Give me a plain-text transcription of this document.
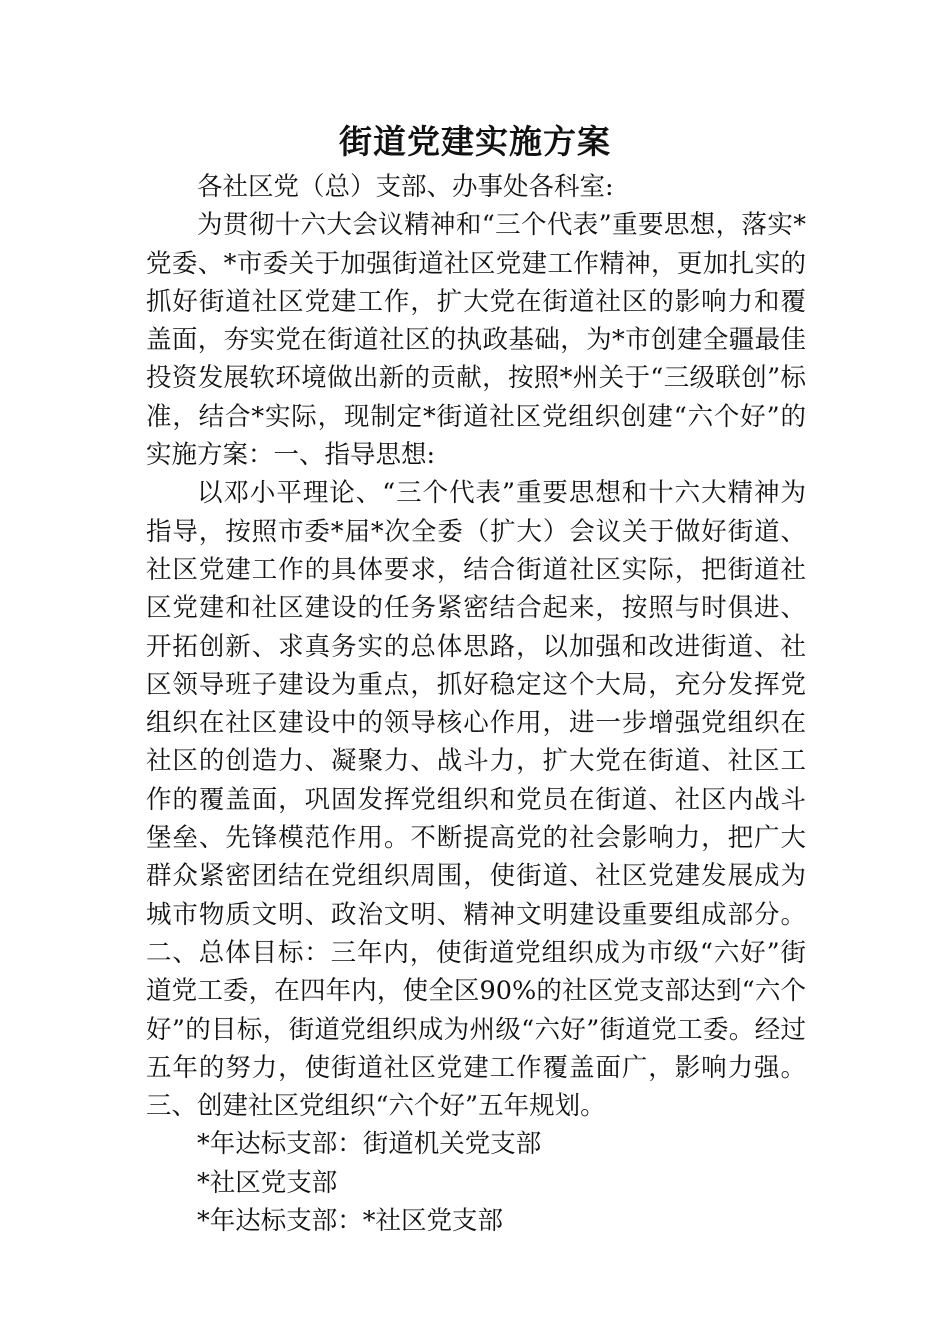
街道党建实施方案

各社区党（总）支部、办事处各科室:

为贯彻十六大会议精神和“三个代表”重要思想，落实*党委、*市委关于加强街道社区党建工作精神，更加扎实的抓好街道社区党建工作，扩大党在街道社区的影响力和覆盖面，夯实党在街道社区的执政基础，为*市创建全疆最佳投资发展软环境做出新的贡献，按照*州关于“三级联创”标准，结合*实际，现制定*街道社区党组织创建“六个好”的实施方案：一、指导思想:

以邓小平理论、“三个代表”重要思想和十六大精神为指导，按照市委*届*次全委（扩大）会议关于做好街道、社区党建工作的具体要求，结合街道社区实际，把街道社区党建和社区建设的任务紧密结合起来，按照与时俱进、开拓创新、求真务实的总体思路，以加强和改进街道、社区领导班子建设为重点，抓好稳定这个大局，充分发挥党组织在社区建设中的领导核心作用，进一步增强党组织在社区的创造力、凝聚力、战斗力，扩大党在街道、社区工作的覆盖面，巩固发挥党组织和党员在街道、社区内战斗堡垒、先锋模范作用。不断提高党的社会影响力，把广大群众紧密团结在党组织周围，使街道、社区党建发展成为城市物质文明、政治文明、精神文明建设重要组成部分。二、总体目标：三年内，使街道党组织成为市级“六好”街道党工委，在四年内，使全区90%的社区党支部达到“六个好”的目标，街道党组织成为州级“六好”街道党工委。经过五年的努力，使街道社区党建工作覆盖面广，影响力强。三、创建社区党组织“六个好”五年规划。

*年达标支部：街道机关党支部

*社区党支部

*年达标支部：*社区党支部
